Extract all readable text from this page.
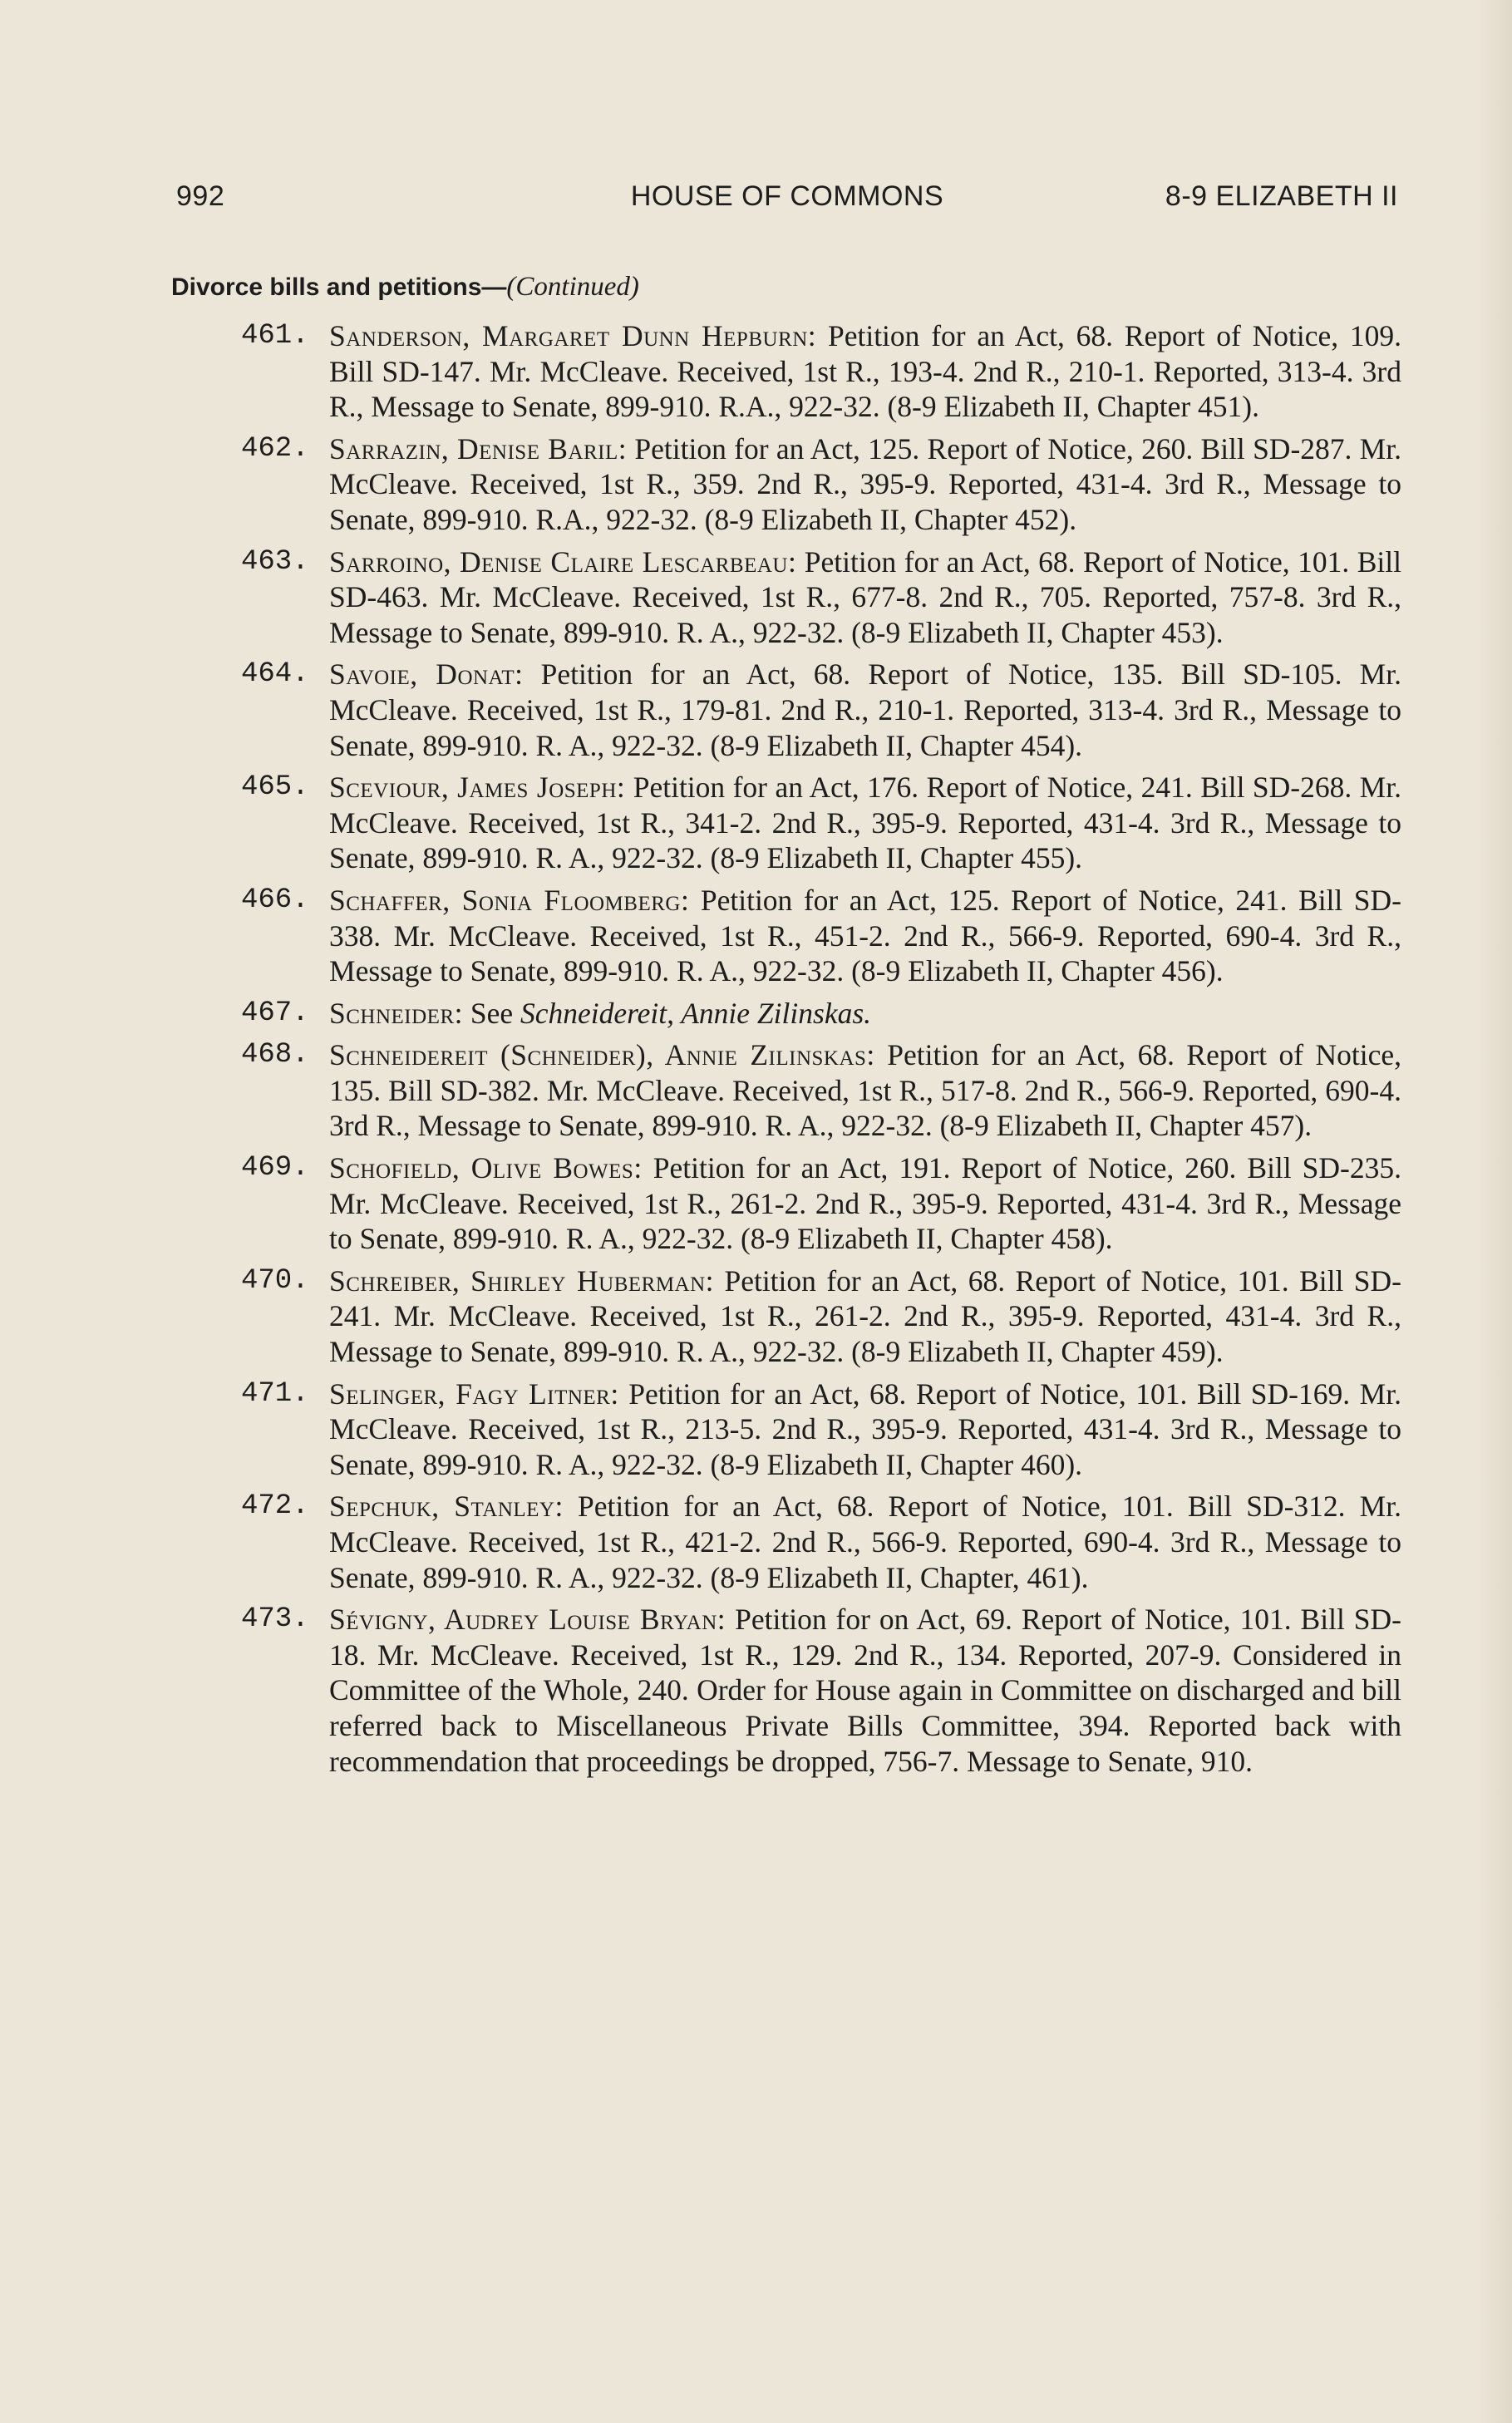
992	HOUSE OF COMMONS	8-9 ELIZABETH II
Divorce bills and petitions—(Continued)
461. Sanderson, Margaret Dunn Hepburn: Petition for an Act, 68. Report of Notice, 109. Bill SD-147. Mr. McCleave. Received, 1st R., 193-4. 2nd R., 210-1. Reported, 313-4. 3rd R., Message to Senate, 899-910. R.A., 922-32. (8-9 Elizabeth II, Chapter 451).
462. Sarrazin, Denise Baril: Petition for an Act, 125. Report of Notice, 260. Bill SD-287. Mr. McCleave. Received, 1st R., 359. 2nd R., 395-9. Reported, 431-4. 3rd R., Message to Senate, 899-910. R.A., 922-32. (8-9 Elizabeth II, Chapter 452).
463. Sarroino, Denise Claire Lescarbeau: Petition for an Act, 68. Report of Notice, 101. Bill SD-463. Mr. McCleave. Received, 1st R., 677-8. 2nd R., 705. Reported, 757-8. 3rd R., Message to Senate, 899-910. R. A., 922-32. (8-9 Elizabeth II, Chapter 453).
464. Savoie, Donat: Petition for an Act, 68. Report of Notice, 135. Bill SD-105. Mr. McCleave. Received, 1st R., 179-81. 2nd R., 210-1. Reported, 313-4. 3rd R., Message to Senate, 899-910. R. A., 922-32. (8-9 Elizabeth II, Chapter 454).
465. Sceviour, James Joseph: Petition for an Act, 176. Report of Notice, 241. Bill SD-268. Mr. McCleave. Received, 1st R., 341-2. 2nd R., 395-9. Reported, 431-4. 3rd R., Message to Senate, 899-910. R. A., 922-32. (8-9 Elizabeth II, Chapter 455).
466. Schaffer, Sonia Floomberg: Petition for an Act, 125. Report of Notice, 241. Bill SD-338. Mr. McCleave. Received, 1st R., 451-2. 2nd R., 566-9. Reported, 690-4. 3rd R., Message to Senate, 899-910. R. A., 922-32. (8-9 Elizabeth II, Chapter 456).
467. Schneider: See Schneidereit, Annie Zilinskas.
468. Schneidereit (Schneider), Annie Zilinskas: Petition for an Act, 68. Report of Notice, 135. Bill SD-382. Mr. McCleave. Received, 1st R., 517-8. 2nd R., 566-9. Reported, 690-4. 3rd R., Message to Senate, 899-910. R. A., 922-32. (8-9 Elizabeth II, Chapter 457).
469. Schofield, Olive Bowes: Petition for an Act, 191. Report of Notice, 260. Bill SD-235. Mr. McCleave. Received, 1st R., 261-2. 2nd R., 395-9. Reported, 431-4. 3rd R., Message to Senate, 899-910. R. A., 922-32. (8-9 Elizabeth II, Chapter 458).
470. Schreiber, Shirley Huberman: Petition for an Act, 68. Report of Notice, 101. Bill SD-241. Mr. McCleave. Received, 1st R., 261-2. 2nd R., 395-9. Reported, 431-4. 3rd R., Message to Senate, 899-910. R. A., 922-32. (8-9 Elizabeth II, Chapter 459).
471. Selinger, Fagy Litner: Petition for an Act, 68. Report of Notice, 101. Bill SD-169. Mr. McCleave. Received, 1st R., 213-5. 2nd R., 395-9. Reported, 431-4. 3rd R., Message to Senate, 899-910. R. A., 922-32. (8-9 Elizabeth II, Chapter 460).
472. Sepchuk, Stanley: Petition for an Act, 68. Report of Notice, 101. Bill SD-312. Mr. McCleave. Received, 1st R., 421-2. 2nd R., 566-9. Reported, 690-4. 3rd R., Message to Senate, 899-910. R. A., 922-32. (8-9 Elizabeth II, Chapter, 461).
473. Sévigny, Audrey Louise Bryan: Petition for on Act, 69. Report of Notice, 101. Bill SD-18. Mr. McCleave. Received, 1st R., 129. 2nd R., 134. Reported, 207-9. Considered in Committee of the Whole, 240. Order for House again in Committee on discharged and bill referred back to Miscellaneous Private Bills Committee, 394. Reported back with recommendation that proceedings be dropped, 756-7. Message to Senate, 910.
